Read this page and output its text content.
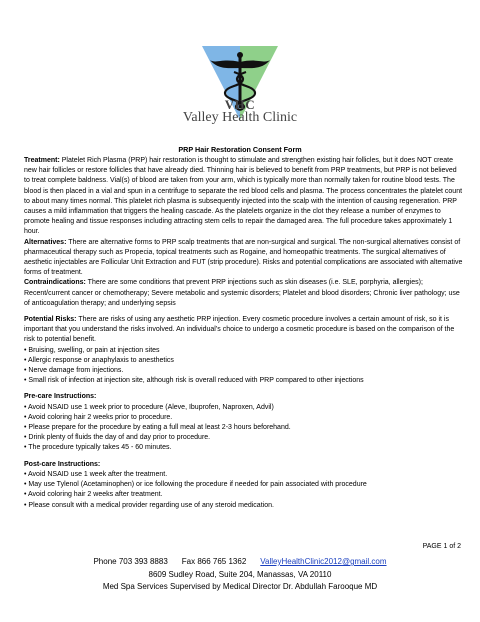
VHC
Valley Health Clinic
PRP Hair Restoration Consent Form

Treatment: Platelet Rich Plasma (PRP) hair restoration is thought to stimulate and strengthen existing hair follicles, but it does NOT create new hair follicles or restore follicles that have already died. Thinning hair is believed to benefit from PRP treatments, but PRP is not believed to treat complete baldness. Vial(s) of blood are taken from your arm, which is typically more than normally taken for routine blood tests. The blood is then placed in a vial and spun in a centrifuge to separate the red blood cells and plasma. The process concentrates the platelet count to about many times normal. This platelet rich plasma is subsequently injected into the scalp with the intention of causing regeneration. PRP causes a mild inflammation that triggers the healing cascade. As the platelets organize in the clot they release a number of enzymes to promote healing and tissue responses including attracting stem cells to repair the damaged area. The full procedure takes approximately 1 hour.

Alternatives: There are alternative forms to PRP scalp treatments that are non-surgical and surgical. The non-surgical alternatives consist of pharmaceutical therapy such as Propecia, topical treatments such as Rogaine, and homeopathic treatments. The surgical alternatives of aesthetic injectables are Follicular Unit Extraction and FUT (strip procedure). Risks and potential complications are associated with alternative forms of treatment.

Contraindications: There are some conditions that prevent PRP injections such as skin diseases (i.e. SLE, porphyria, allergies); Recent/current cancer or chemotherapy; Severe metabolic and systemic disorders; Platelet and blood disorders; Chronic liver pathology; use of anticoagulation therapy; and underlying sepsis

Potential Risks: There are risks of using any aesthetic PRP injection. Every cosmetic procedure involves a certain amount of risk, so it is important that you understand the risks involved. An individual’s choice to undergo a cosmetic procedure is based on the comparison of the risk to potential benefit.

• Bruising, swelling, or pain at injection sites
• Allergic response or anaphylaxis to anesthetics
• Nerve damage from injections.
• Small risk of infection at injection site, although risk is overall reduced with PRP compared to other injections

Pre-care Instructions:

• Avoid NSAID use 1 week prior to procedure (Aleve, Ibuprofen, Naproxen, Advil)
• Avoid coloring hair 2 weeks prior to procedure.
• Please prepare for the procedure by eating a full meal at least 2-3 hours beforehand.
• Drink plenty of fluids the day of and day prior to procedure.
• The procedure typically takes 45 - 60 minutes.

Post-care Instructions:

• Avoid NSAID use 1 week after the treatment.
• May use Tylenol (Acetaminophen) or ice following the procedure if needed for pain associated with procedure
• Avoid coloring hair 2 weeks after treatment.
• Please consult with a medical provider regarding use of any steroid medication.
PAGE 1 of 2
Phone 703 393 8883 Fax 866 765 1362 ValleyHealthClinic2012@gmail.com
8609 Sudley Road, Suite 204, Manassas, VA 20110
Med Spa Services Supervised by Medical Director Dr. Abdullah Farooque MD
